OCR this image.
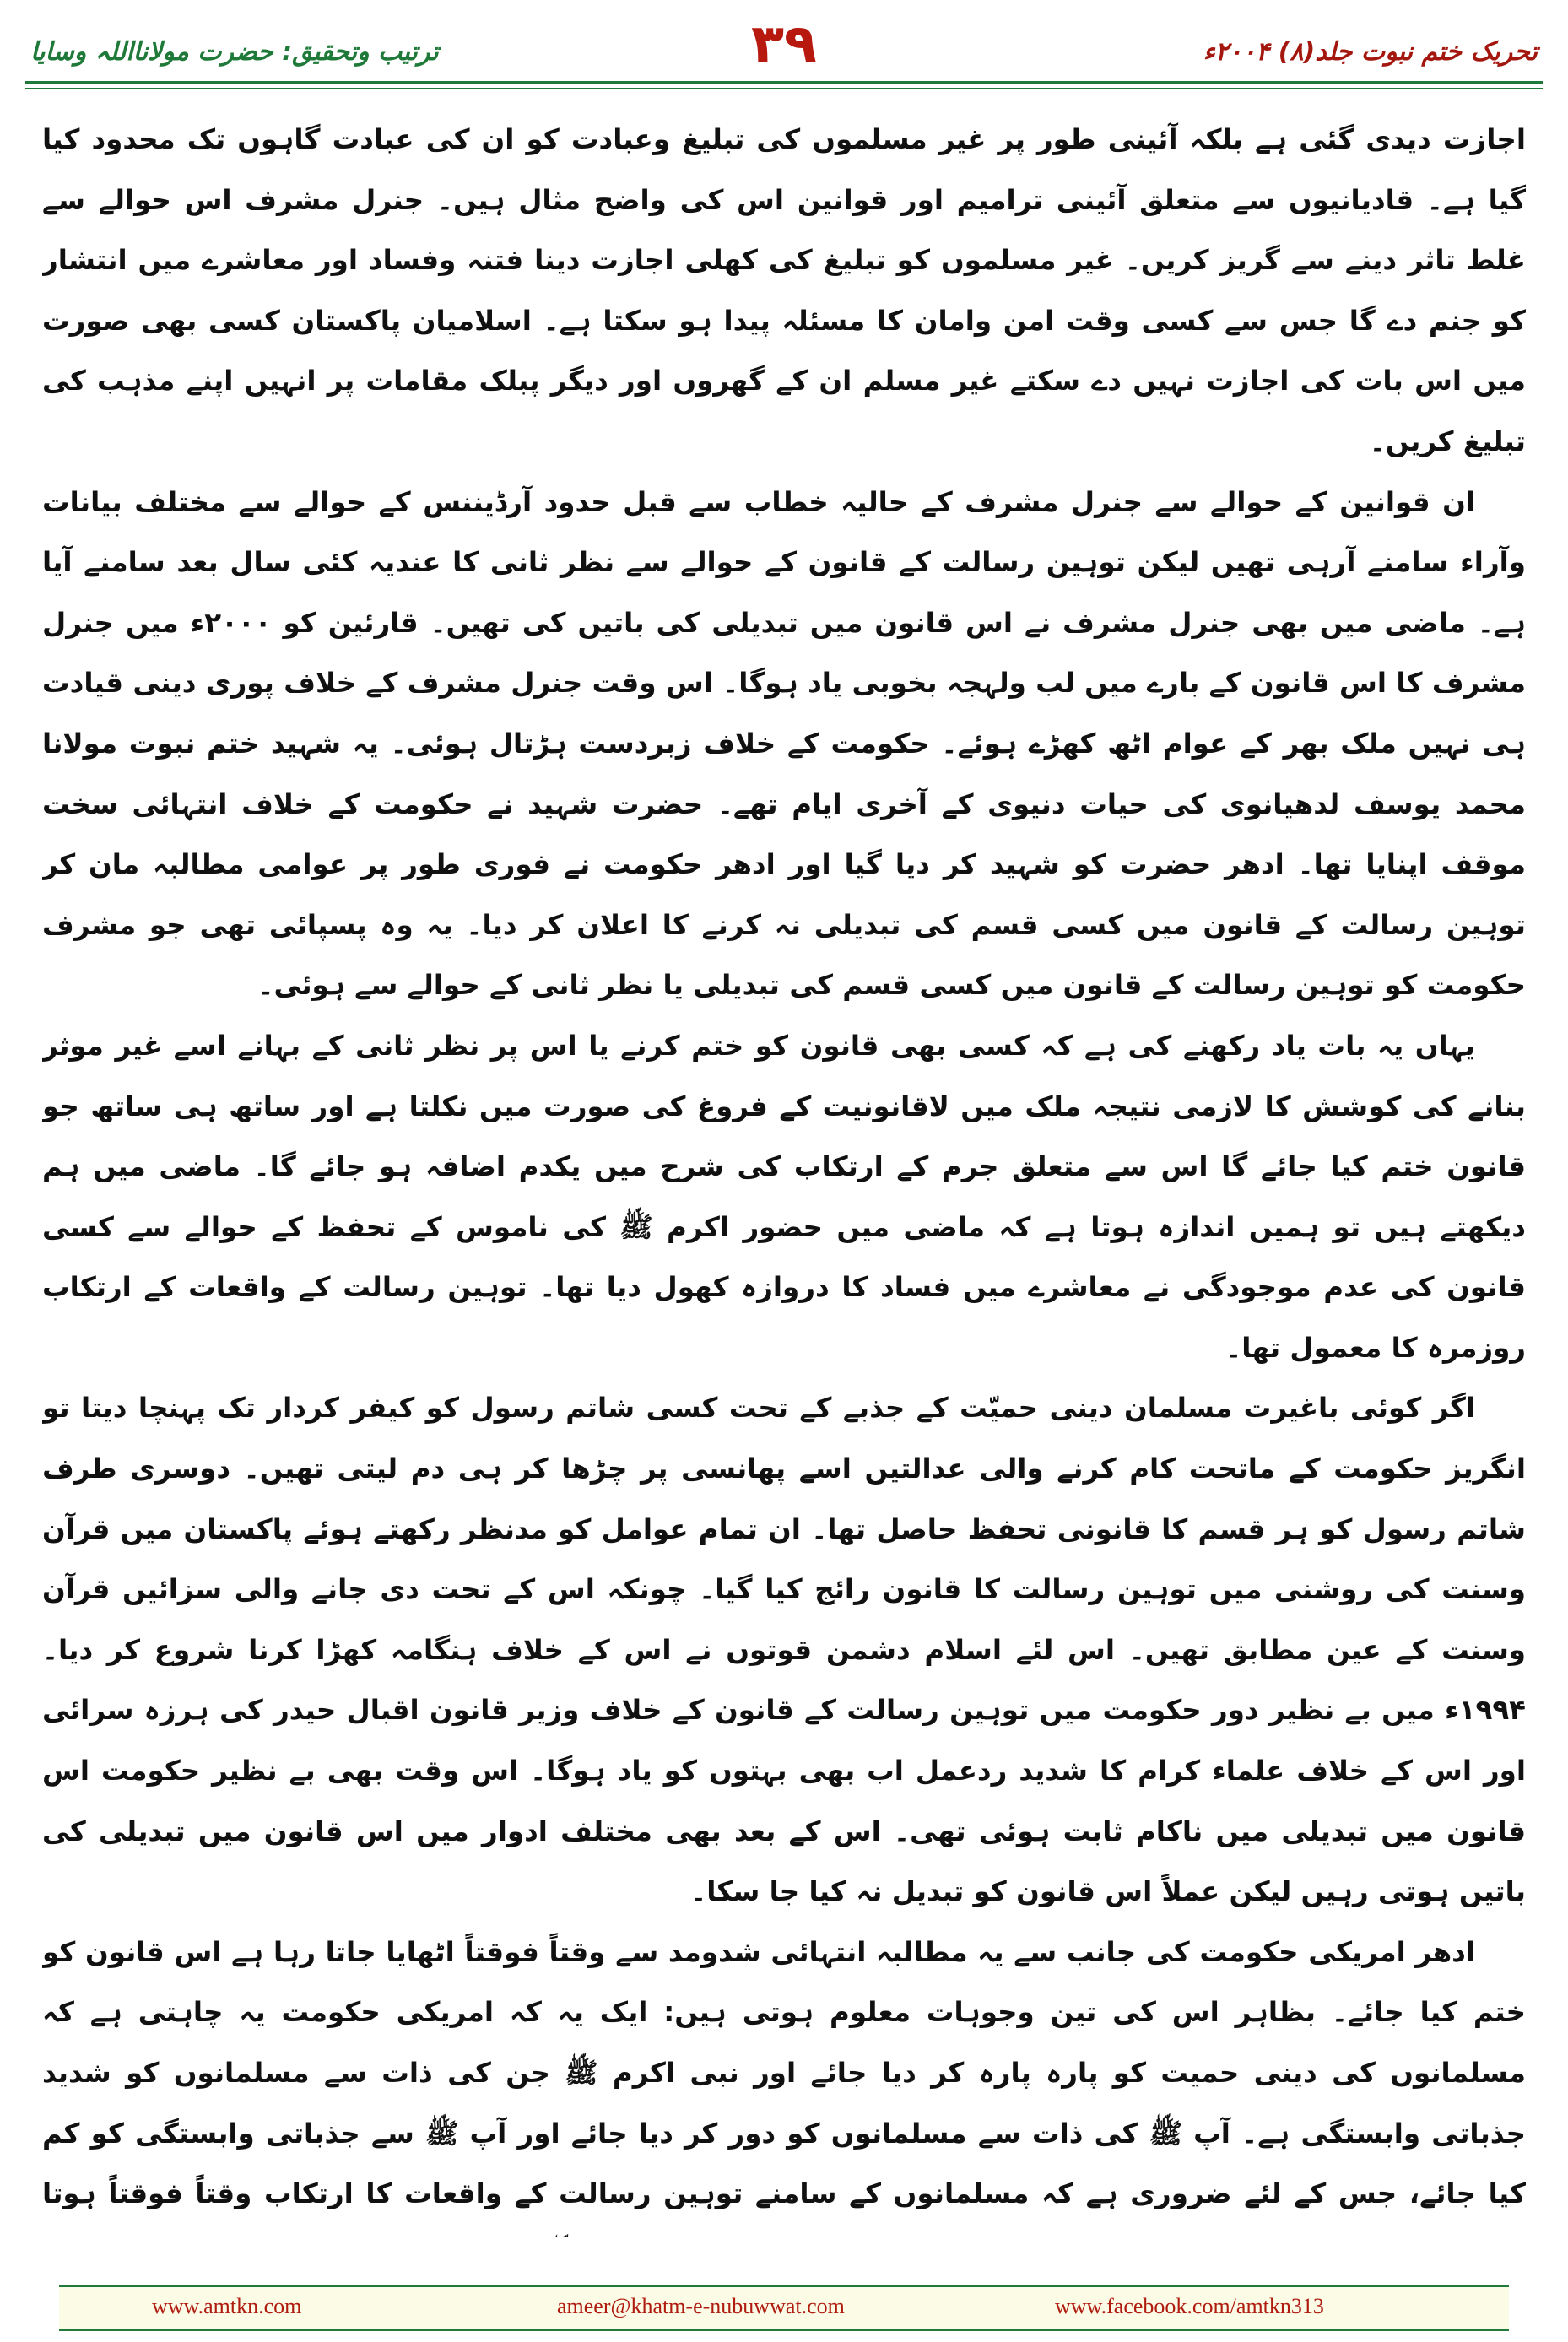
تحریک ختم نبوت جلد(۸) ۲۰۰۴ء
۳۹
ترتیب وتحقیق: حضرت مولانااللہ وسایا

اجازت دیدی گئی ہے بلکہ آئینی طور پر غیر مسلموں کی تبلیغ وعبادت کو ان کی عبادت گاہوں تک محدود کیا گیا ہے۔ قادیانیوں سے متعلق آئینی ترامیم اور قوانین اس کی واضح مثال ہیں۔ جنرل مشرف اس حوالے سے غلط تاثر دینے سے گریز کریں۔ غیر مسلموں کو تبلیغ کی کھلی اجازت دینا فتنہ وفساد اور معاشرے میں انتشار کو جنم دے گا جس سے کسی وقت امن وامان کا مسئلہ پیدا ہو سکتا ہے۔ اسلامیان پاکستان کسی بھی صورت میں اس بات کی اجازت نہیں دے سکتے غیر مسلم ان کے گھروں اور دیگر پبلک مقامات پر انہیں اپنے مذہب کی تبلیغ کریں۔

ان قوانین کے حوالے سے جنرل مشرف کے حالیہ خطاب سے قبل حدود آرڈیننس کے حوالے سے مختلف بیانات وآراء سامنے آرہی تھیں لیکن توہین رسالت کے قانون کے حوالے سے نظر ثانی کا عندیہ کئی سال بعد سامنے آیا ہے۔ ماضی میں بھی جنرل مشرف نے اس قانون میں تبدیلی کی باتیں کی تھیں۔ قارئین کو ۲۰۰۰ء میں جنرل مشرف کا اس قانون کے بارے میں لب ولہجہ بخوبی یاد ہوگا۔ اس وقت جنرل مشرف کے خلاف پوری دینی قیادت ہی نہیں ملک بھر کے عوام اٹھ کھڑے ہوئے۔ حکومت کے خلاف زبردست ہڑتال ہوئی۔ یہ شہید ختم نبوت مولانا محمد یوسف لدھیانوی کی حیات دنیوی کے آخری ایام تھے۔ حضرت شہید نے حکومت کے خلاف انتہائی سخت موقف اپنایا تھا۔ ادھر حضرت کو شہید کر دیا گیا اور ادھر حکومت نے فوری طور پر عوامی مطالبہ مان کر توہین رسالت کے قانون میں کسی قسم کی تبدیلی نہ کرنے کا اعلان کر دیا۔ یہ وہ پسپائی تھی جو مشرف حکومت کو توہین رسالت کے قانون میں کسی قسم کی تبدیلی یا نظر ثانی کے حوالے سے ہوئی۔

یہاں یہ بات یاد رکھنے کی ہے کہ کسی بھی قانون کو ختم کرنے یا اس پر نظر ثانی کے بہانے اسے غیر موثر بنانے کی کوشش کا لازمی نتیجہ ملک میں لاقانونیت کے فروغ کی صورت میں نکلتا ہے اور ساتھ ہی ساتھ جو قانون ختم کیا جائے گا اس سے متعلق جرم کے ارتکاب کی شرح میں یکدم اضافہ ہو جائے گا۔ ماضی میں ہم دیکھتے ہیں تو ہمیں اندازہ ہوتا ہے کہ ماضی میں حضور اکرم ﷺ کی ناموس کے تحفظ کے حوالے سے کسی قانون کی عدم موجودگی نے معاشرے میں فساد کا دروازہ کھول دیا تھا۔ توہین رسالت کے واقعات کے ارتکاب روزمرہ کا معمول تھا۔

اگر کوئی باغیرت مسلمان دینی حمیّت کے جذبے کے تحت کسی شاتم رسول کو کیفر کردار تک پہنچا دیتا تو انگریز حکومت کے ماتحت کام کرنے والی عدالتیں اسے پھانسی پر چڑھا کر ہی دم لیتی تھیں۔ دوسری طرف شاتم رسول کو ہر قسم کا قانونی تحفظ حاصل تھا۔ ان تمام عوامل کو مدنظر رکھتے ہوئے پاکستان میں قرآن وسنت کی روشنی میں توہین رسالت کا قانون رائج کیا گیا۔ چونکہ اس کے تحت دی جانے والی سزائیں قرآن وسنت کے عین مطابق تھیں۔ اس لئے اسلام دشمن قوتوں نے اس کے خلاف ہنگامہ کھڑا کرنا شروع کر دیا۔ ۱۹۹۴ء میں بے نظیر دور حکومت میں توہین رسالت کے قانون کے خلاف وزیر قانون اقبال حیدر کی ہرزہ سرائی اور اس کے خلاف علماء کرام کا شدید ردعمل اب بھی بہتوں کو یاد ہوگا۔ اس وقت بھی بے نظیر حکومت اس قانون میں تبدیلی میں ناکام ثابت ہوئی تھی۔ اس کے بعد بھی مختلف ادوار میں اس قانون میں تبدیلی کی باتیں ہوتی رہیں لیکن عملاً اس قانون کو تبدیل نہ کیا جا سکا۔

ادھر امریکی حکومت کی جانب سے یہ مطالبہ انتہائی شدومد سے وقتاً فوقتاً اٹھایا جاتا رہا ہے اس قانون کو ختم کیا جائے۔ بظاہر اس کی تین وجوہات معلوم ہوتی ہیں: ایک یہ کہ امریکی حکومت یہ چاہتی ہے کہ مسلمانوں کی دینی حمیت کو پارہ پارہ کر دیا جائے اور نبی اکرم ﷺ جن کی ذات سے مسلمانوں کو شدید جذباتی وابستگی ہے۔ آپ ﷺ کی ذات سے مسلمانوں کو دور کر دیا جائے اور آپ ﷺ سے جذباتی وابستگی کو کم کیا جائے، جس کے لئے ضروری ہے کہ مسلمانوں کے سامنے توہین رسالت کے واقعات کا ارتکاب وقتاً فوقتاً ہوتا

www.amtkn.com	ameer@khatm-e-nubuwwat.com	www.facebook.com/amtkn313
